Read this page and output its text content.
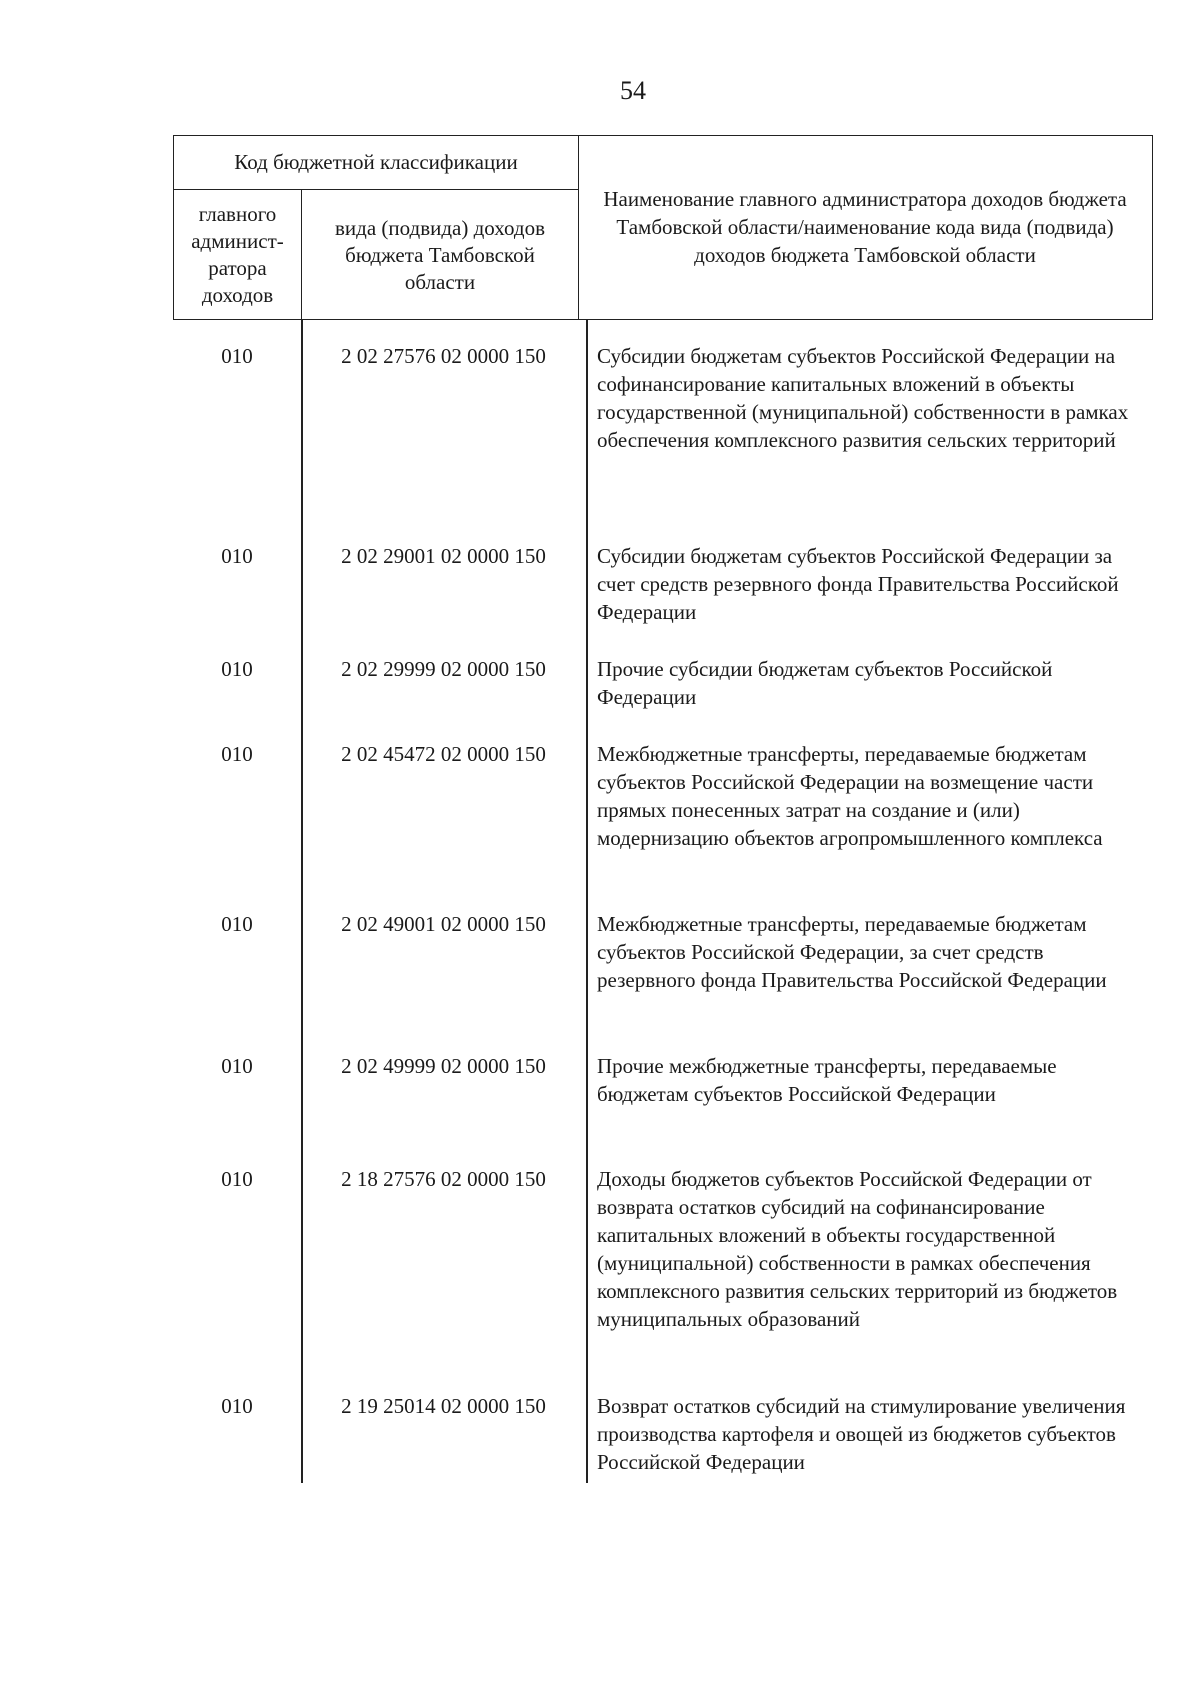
54
Код бюджетной классификации
главного админист-ратора доходов
вида (подвида) доходов бюджета Тамбовской области
Наименование главного администратора доходов бюджета Тамбовской области/наименование кода вида (подвида) доходов бюджета Тамбовской области
010	2 02 27576 02 0000 150	Субсидии бюджетам субъектов Российской Федерации на софинансирование капитальных вложений в объекты государственной (муниципальной) собственности в рамках обеспечения комплексного развития сельских территорий
010	2 02 29001 02 0000 150	Субсидии бюджетам субъектов Российской Федерации за счет средств резервного фонда Правительства Российской Федерации
010	2 02 29999 02 0000 150	Прочие субсидии бюджетам субъектов Российской Федерации
010	2 02 45472 02 0000 150	Межбюджетные трансферты, передаваемые бюджетам субъектов Российской Федерации на возмещение части прямых понесенных затрат на создание и (или) модернизацию объектов агропромышленного комплекса
010	2 02 49001 02 0000 150	Межбюджетные трансферты, передаваемые бюджетам субъектов Российской Федерации, за счет средств резервного фонда Правительства Российской Федерации
010	2 02 49999 02 0000 150	Прочие межбюджетные трансферты, передаваемые бюджетам субъектов Российской Федерации
010	2 18 27576 02 0000 150	Доходы бюджетов субъектов Российской Федерации от возврата остатков субсидий на софинансирование капитальных вложений в объекты государственной (муниципальной) собственности в рамках обеспечения комплексного развития сельских территорий из бюджетов муниципальных образований
010	2 19 25014 02 0000 150	Возврат остатков субсидий на стимулирование увеличения производства картофеля и овощей из бюджетов субъектов Российской Федерации
